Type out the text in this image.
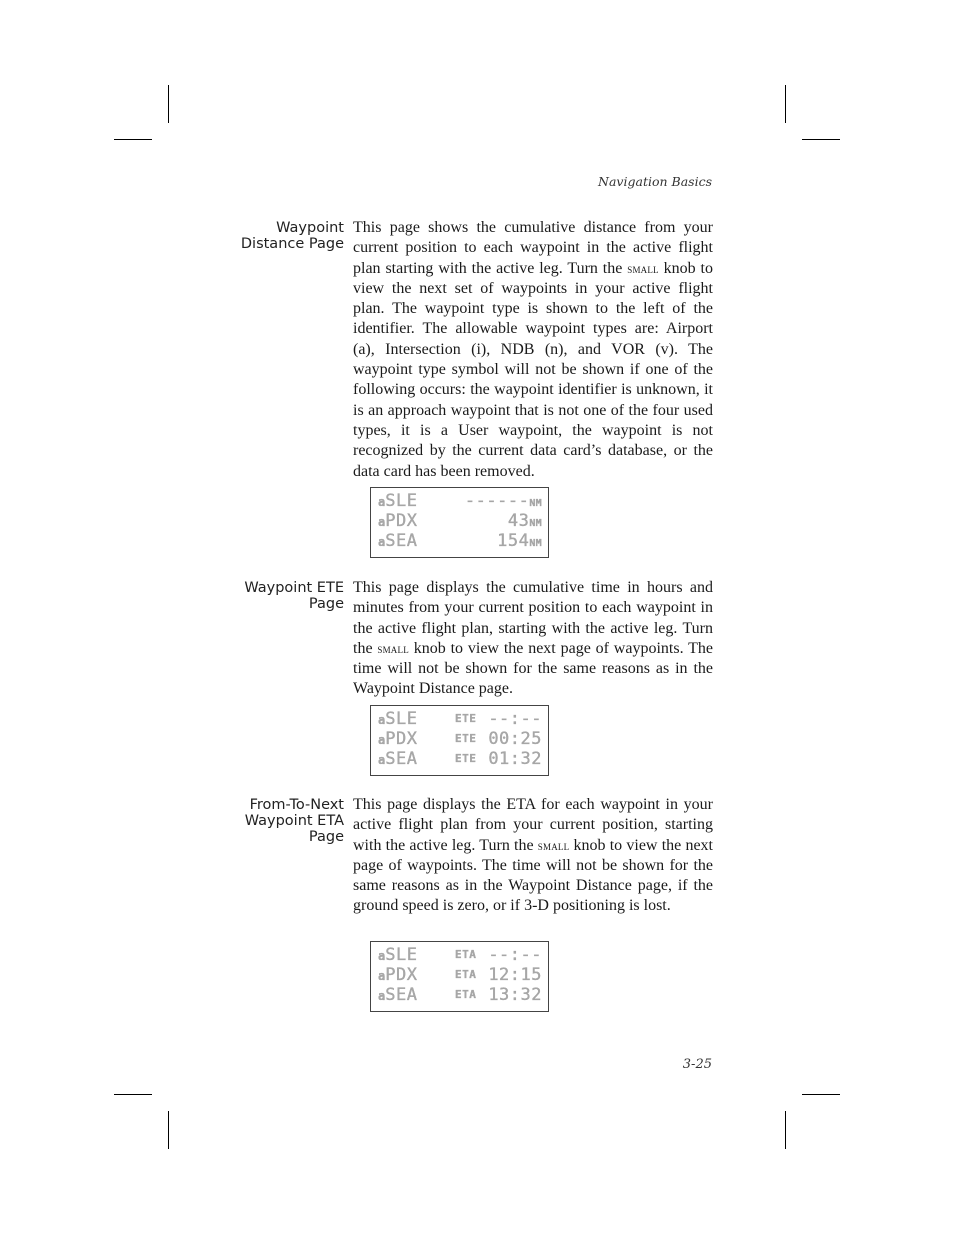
Navigation Basics
Waypoint
Distance Page
This page shows the cumulative distance from your current position to each waypoint in the active flight plan starting with the active leg. Turn the small knob to view the next set of waypoints in your active flight plan. The waypoint type is shown to the left of the identifier. The allowable waypoint types are: Airport (a), Intersection (i), NDB (n), and VOR (v). The waypoint type symbol will not be shown if one of the following occurs: the waypoint identifier is unknown, it is an approach waypoint that is not one of the four used types, it is a User waypoint, the waypoint is not recognized by the current data card’s database, or the data card has been removed.
aSLE	------NM
aPDX	43NM
aSEA	154NM
Waypoint ETE
Page
This page displays the cumulative time in hours and minutes from your current position to each waypoint in the active flight plan, starting with the active leg. Turn the small knob to view the next page of waypoints. The time will not be shown for the same reasons as in the Waypoint Distance page.
aSLE	ETE --:--
aPDX	ETE 00:25
aSEA	ETE 01:32
From-To-Next
Waypoint ETA
Page
This page displays the ETA for each waypoint in your active flight plan from your current position, starting with the active leg. Turn the small knob to view the next page of waypoints. The time will not be shown for the same reasons as in the Waypoint Distance page, if the ground speed is zero, or if 3-D positioning is lost.
aSLE	ETA --:--
aPDX	ETA 12:15
aSEA	ETA 13:32
3-25
